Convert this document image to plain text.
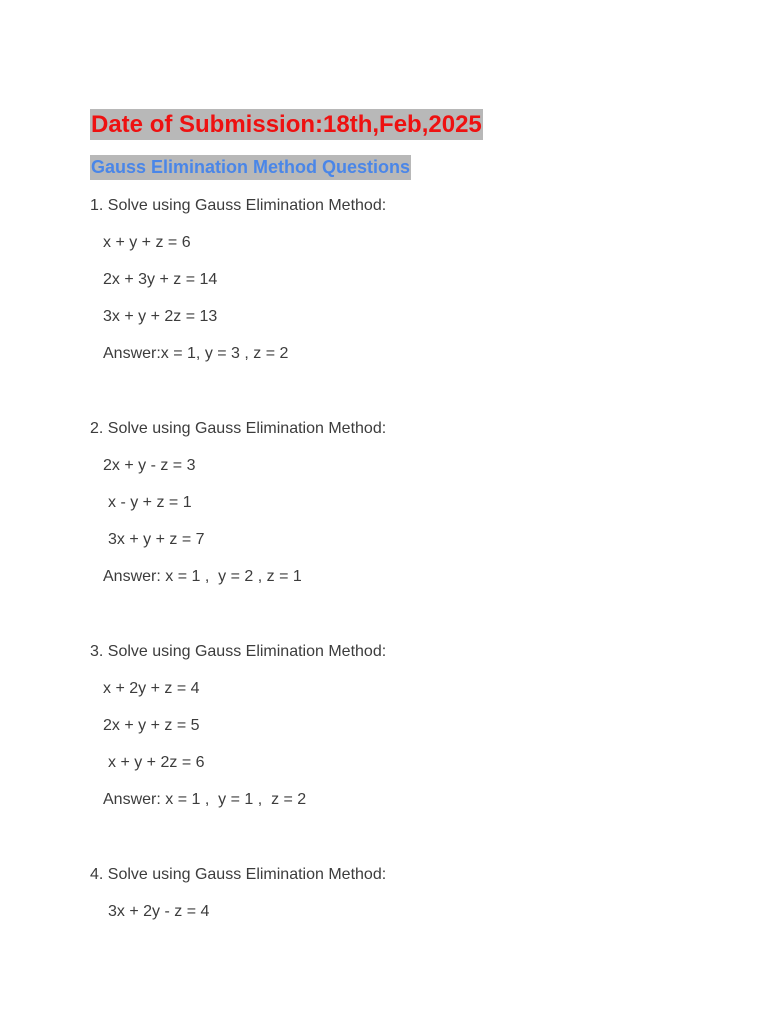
Date of Submission:18th,Feb,2025
Gauss Elimination Method Questions
1. Solve using Gauss Elimination Method:
x + y + z = 6
2x + 3y + z = 14
3x + y + 2z = 13
Answer:x = 1, y = 3 , z = 2
2. Solve using Gauss Elimination Method:
2x + y - z = 3
x - y + z = 1
3x + y + z = 7
Answer: x = 1 ,  y = 2 , z = 1
3. Solve using Gauss Elimination Method:
x + 2y + z = 4
2x + y + z = 5
x + y + 2z = 6
Answer: x = 1 ,  y = 1 ,  z = 2
4. Solve using Gauss Elimination Method:
3x + 2y - z = 4
